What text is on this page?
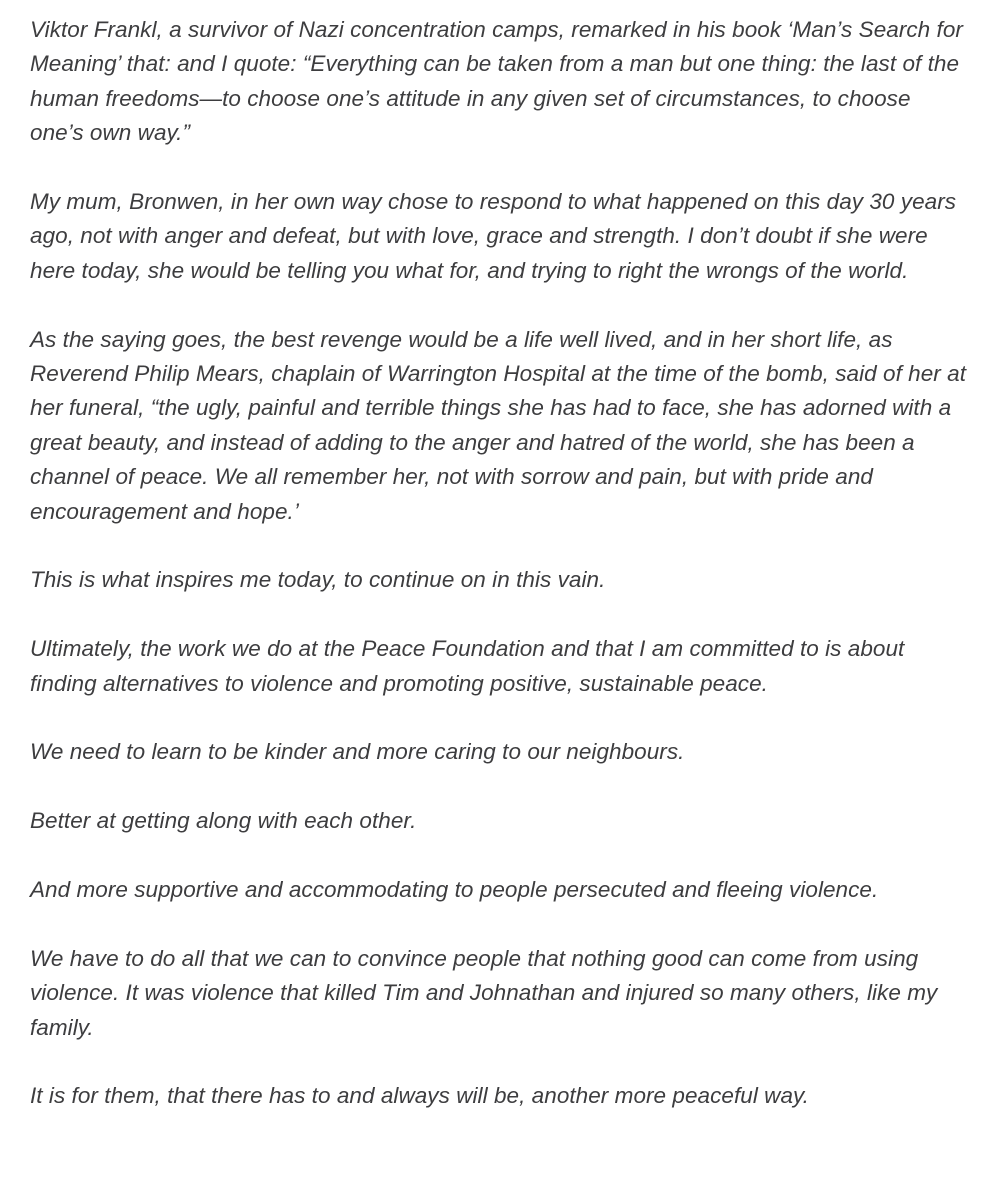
Viktor Frankl, a survivor of Nazi concentration camps, remarked in his book ‘Man’s Search for Meaning’ that: and I quote: “Everything can be taken from a man but one thing: the last of the human freedoms—to choose one’s attitude in any given set of circumstances, to choose one’s own way.”

My mum, Bronwen, in her own way chose to respond to what happened on this day 30 years ago, not with anger and defeat, but with love, grace and strength. I don’t doubt if she were here today, she would be telling you what for, and trying to right the wrongs of the world.

As the saying goes, the best revenge would be a life well lived, and in her short life, as Reverend Philip Mears, chaplain of Warrington Hospital at the time of the bomb, said of her at her funeral, “the ugly, painful and terrible things she has had to face, she has adorned with a great beauty, and instead of adding to the anger and hatred of the world, she has been a channel of peace. We all remember her, not with sorrow and pain, but with pride and encouragement and hope.’

This is what inspires me today, to continue on in this vain.

Ultimately, the work we do at the Peace Foundation and that I am committed to is about finding alternatives to violence and promoting positive, sustainable peace.

We need to learn to be kinder and more caring to our neighbours.

Better at getting along with each other.

And more supportive and accommodating to people persecuted and fleeing violence.

We have to do all that we can to convince people that nothing good can come from using violence. It was violence that killed Tim and Johnathan and injured so many others, like my family.

It is for them, that there has to and always will be, another more peaceful way.
